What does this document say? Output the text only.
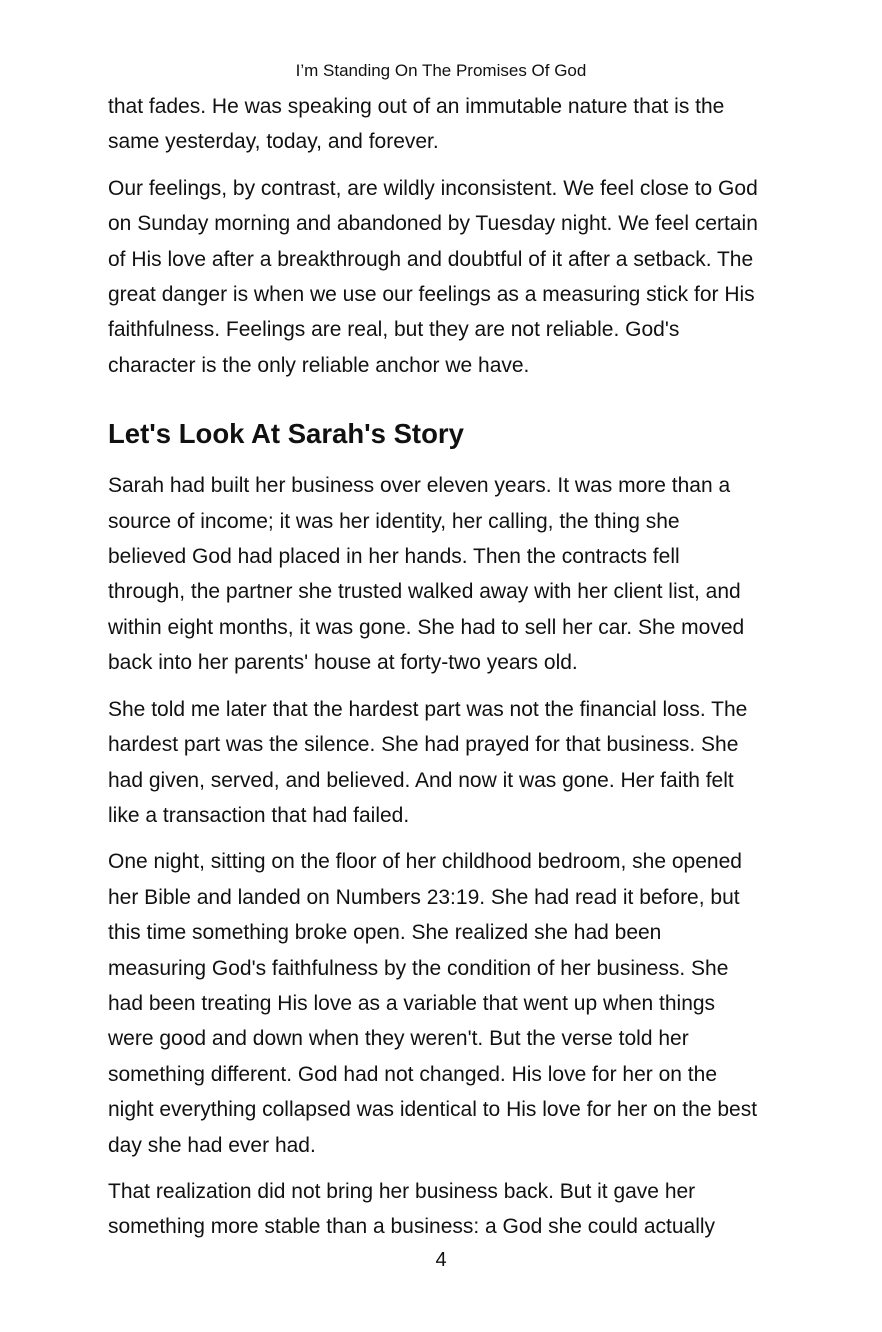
I’m Standing On The Promises Of God

that fades. He was speaking out of an immutable nature that is the
same yesterday, today, and forever.

Our feelings, by contrast, are wildly inconsistent. We feel close to God
on Sunday morning and abandoned by Tuesday night. We feel certain
of His love after a breakthrough and doubtful of it after a setback. The
great danger is when we use our feelings as a measuring stick for His
faithfulness. Feelings are real, but they are not reliable. God's
character is the only reliable anchor we have.

Let's Look At Sarah's Story

Sarah had built her business over eleven years. It was more than a
source of income; it was her identity, her calling, the thing she
believed God had placed in her hands. Then the contracts fell
through, the partner she trusted walked away with her client list, and
within eight months, it was gone. She had to sell her car. She moved
back into her parents' house at forty-two years old.

She told me later that the hardest part was not the financial loss. The
hardest part was the silence. She had prayed for that business. She
had given, served, and believed. And now it was gone. Her faith felt
like a transaction that had failed.

One night, sitting on the floor of her childhood bedroom, she opened
her Bible and landed on Numbers 23:19. She had read it before, but
this time something broke open. She realized she had been
measuring God's faithfulness by the condition of her business. She
had been treating His love as a variable that went up when things
were good and down when they weren't. But the verse told her
something different. God had not changed. His love for her on the
night everything collapsed was identical to His love for her on the best
day she had ever had.

That realization did not bring her business back. But it gave her
something more stable than a business: a God she could actually

4
